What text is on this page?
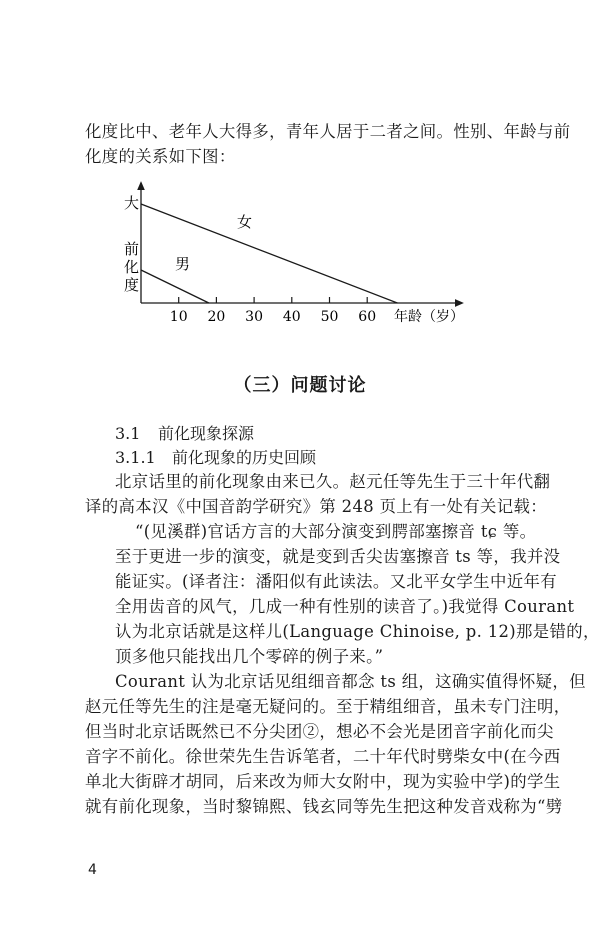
化度比中、老年人大得多，青年人居于二者之间。性别、年龄与前
化度的关系如下图：
大
前
化
度
年龄（岁）
10 20 30 40 50 60
女
男
（三）问题讨论
3.1 前化现象探源
3.1.1 前化现象的历史回顾
北京话里的前化现象由来已久。赵元任等先生于三十年代翻
译的高本汉《中国音韵学研究》第 248 页上有一处有关记载：
“(见溪群)官话方言的大部分演变到腭部塞擦音 tɕ 等。
至于更进一步的演变，就是变到舌尖齿塞擦音 ts 等，我并没
能证实。(译者注：潘阳似有此读法。又北平女学生中近年有
全用齿音的风气，几成一种有性别的读音了。)我觉得 Courant
认为北京话就是这样儿(Language Chinoise, p. 12)那是错的，
顶多他只能找出几个零碎的例子来。”
Courant 认为北京话见组细音都念 ts 组，这确实值得怀疑，但
赵元任等先生的注是毫无疑问的。至于精组细音，虽未专门注明，
但当时北京话既然已不分尖团②，想必不会光是团音字前化而尖
音字不前化。徐世荣先生告诉笔者，二十年代时劈柴女中(在今西
单北大街辟才胡同，后来改为师大女附中，现为实验中学)的学生
就有前化现象，当时黎锦熙、钱玄同等先生把这种发音戏称为“劈
4
